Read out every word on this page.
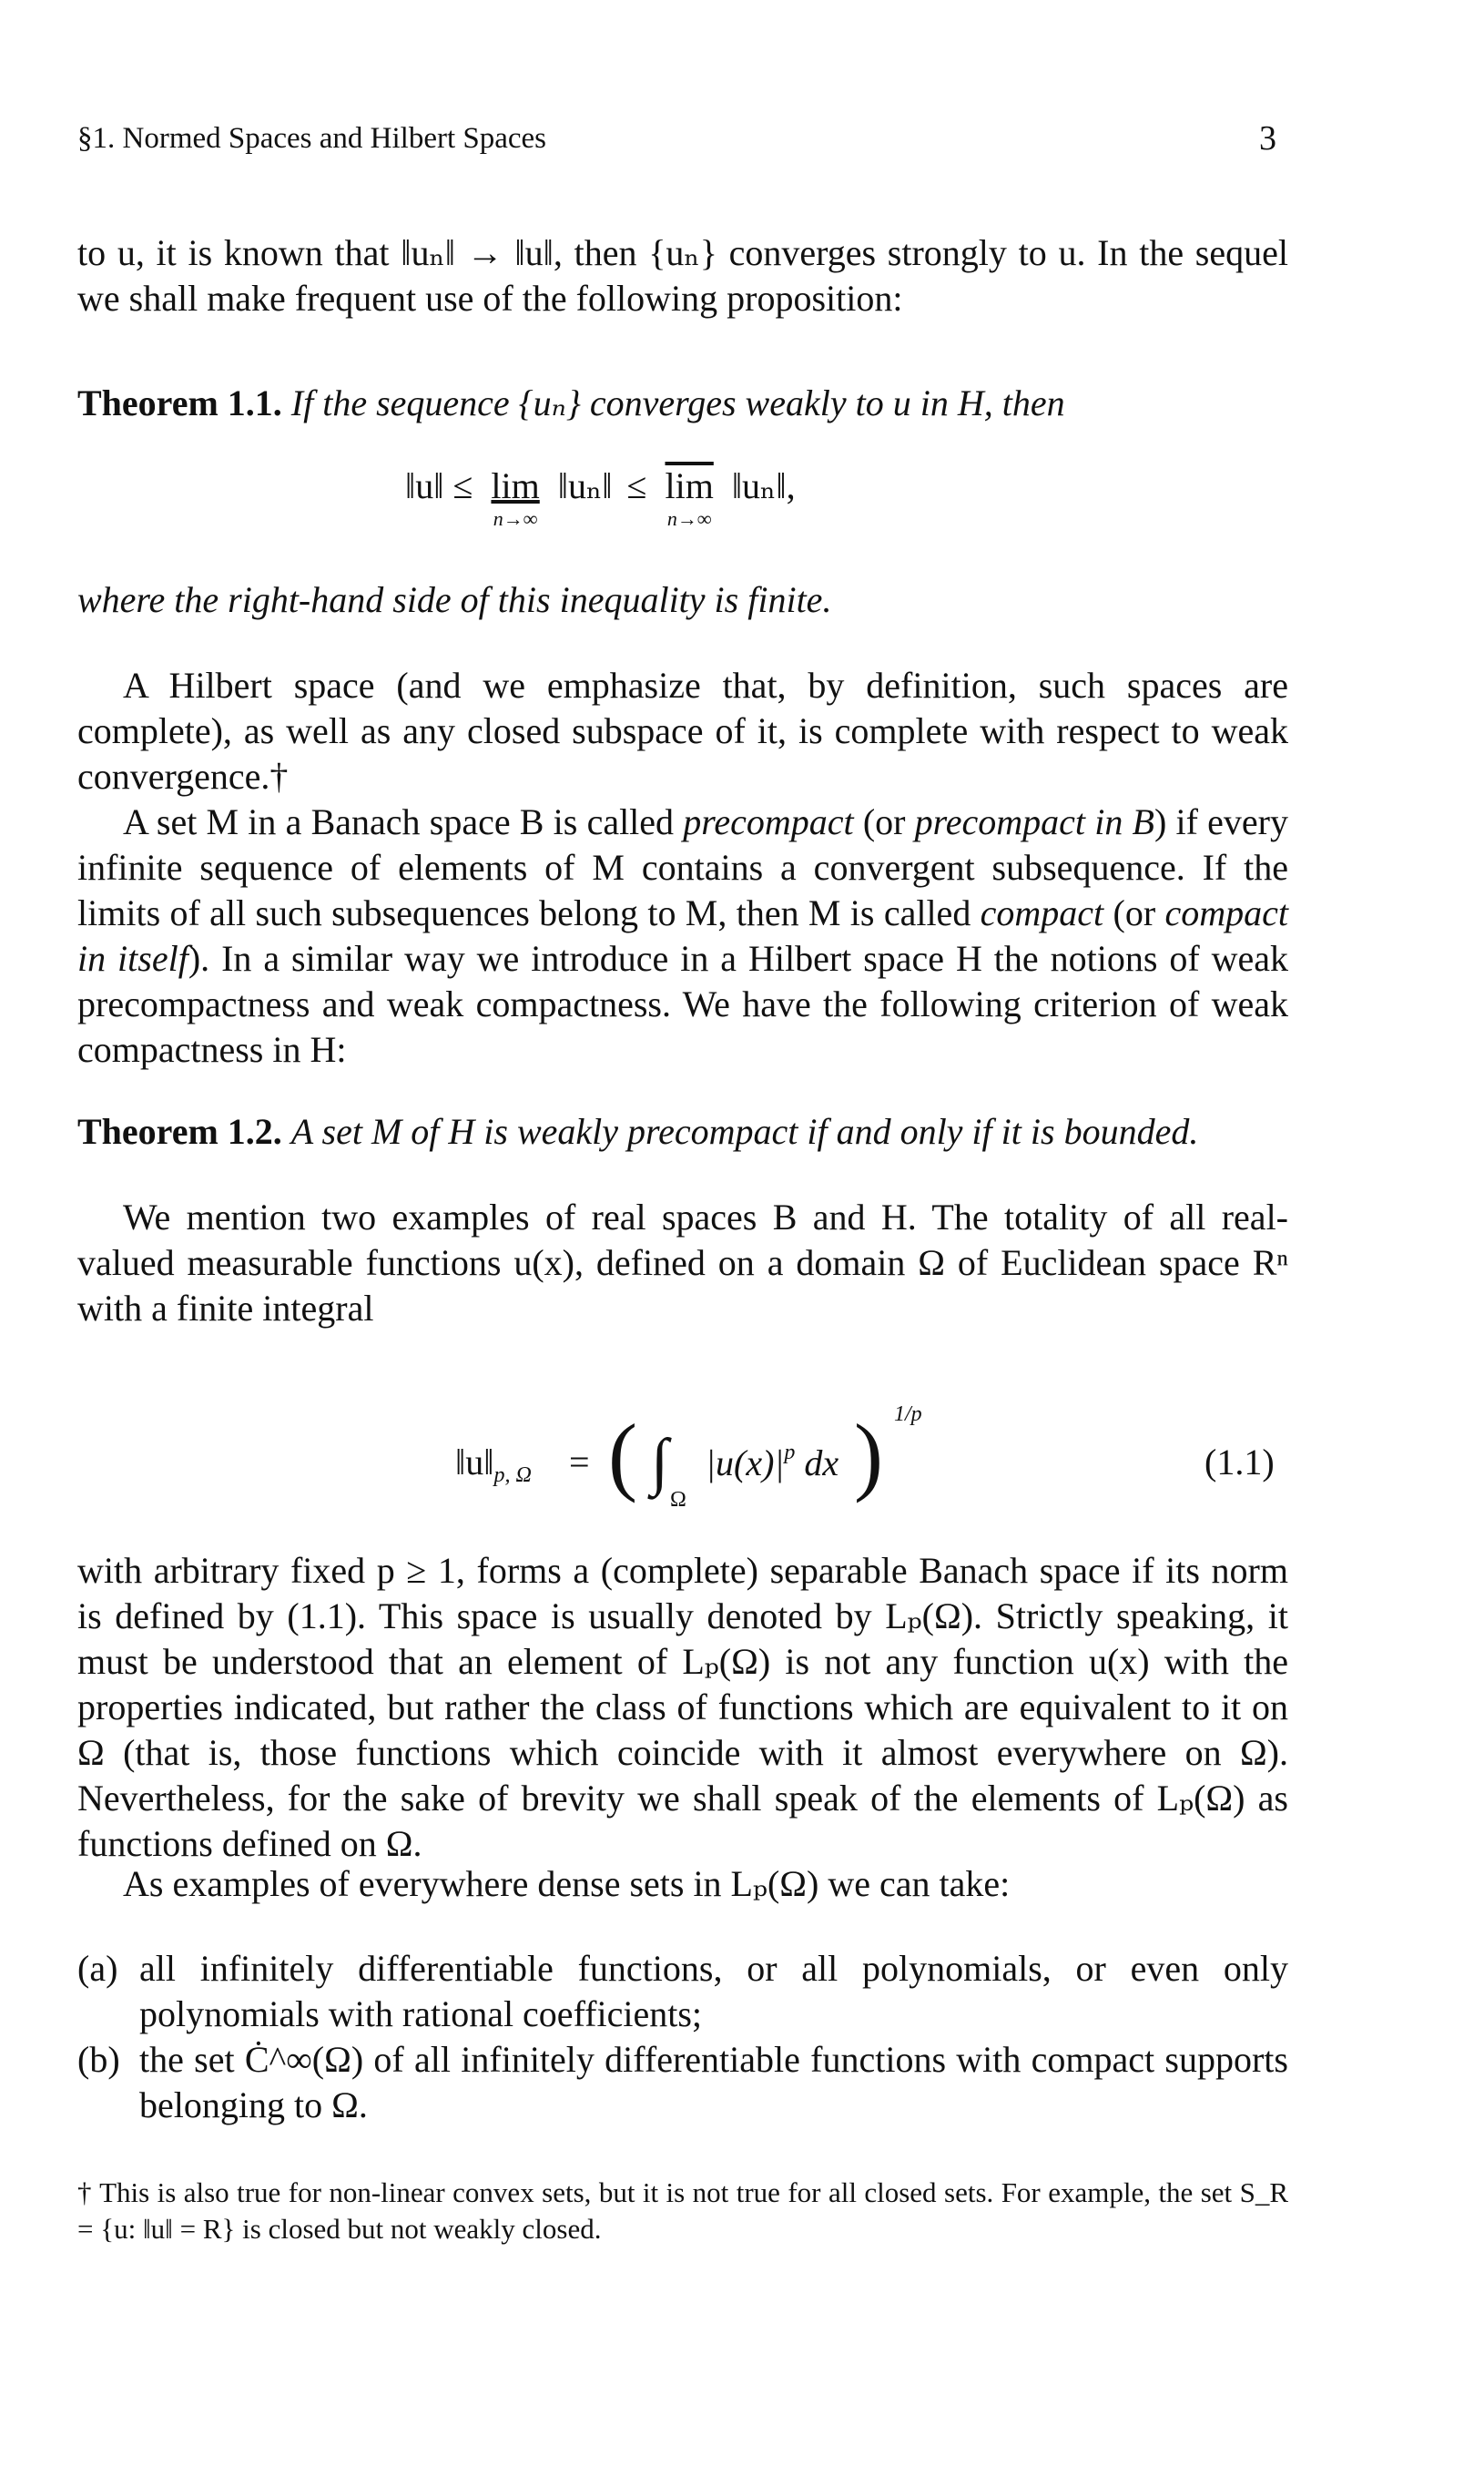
§1. Normed Spaces and Hilbert Spaces	3

to u, it is known that ‖uₙ‖ → ‖u‖, then {uₙ} converges strongly to u. In the sequel we shall make frequent use of the following proposition:

Theorem 1.1. If the sequence {uₙ} converges weakly to u in H, then

‖u‖ ≤ lim
n→∞
‖uₙ‖ ≤ $\overline{lim}$
n→∞
‖uₙ‖,

where the right-hand side of this inequality is finite.

A Hilbert space (and we emphasize that, by definition, such spaces are complete), as well as any closed subspace of it, is complete with respect to weak convergence.†

A set M in a Banach space B is called precompact (or precompact in B) if every infinite sequence of elements of M contains a convergent subsequence. If the limits of all such subsequences belong to M, then M is called compact (or compact in itself). In a similar way we introduce in a Hilbert space H the notions of weak precompactness and weak compactness. We have the following criterion of weak compactness in H:

Theorem 1.2. A set M of H is weakly precompact if and only if it is bounded.

We mention two examples of real spaces B and H. The totality of all real-valued measurable functions u(x), defined on a domain Ω of Euclidean space Rⁿ with a finite integral

$‖u‖_{p, \Omega}$ = ( ∫
Ω
$|u(x)|^p$ dx ) 1/p
(1.1)

with arbitrary fixed p ≥ 1, forms a (complete) separable Banach space if its norm is defined by (1.1). This space is usually denoted by Lₚ(Ω). Strictly speaking, it must be understood that an element of Lₚ(Ω) is not any function u(x) with the properties indicated, but rather the class of functions which are equivalent to it on Ω (that is, those functions which coincide with it almost everywhere on Ω). Nevertheless, for the sake of brevity we shall speak of the elements of Lₚ(Ω) as functions defined on Ω.

As examples of everywhere dense sets in Lₚ(Ω) we can take:

(a) all infinitely differentiable functions, or all polynomials, or even only polynomials with rational coefficients;
(b) the set Ċ^∞(Ω) of all infinitely differentiable functions with compact supports belonging to Ω.
† This is also true for non-linear convex sets, but it is not true for all closed sets. For example, the set S_R = {u: ‖u‖ = R} is closed but not weakly closed.
